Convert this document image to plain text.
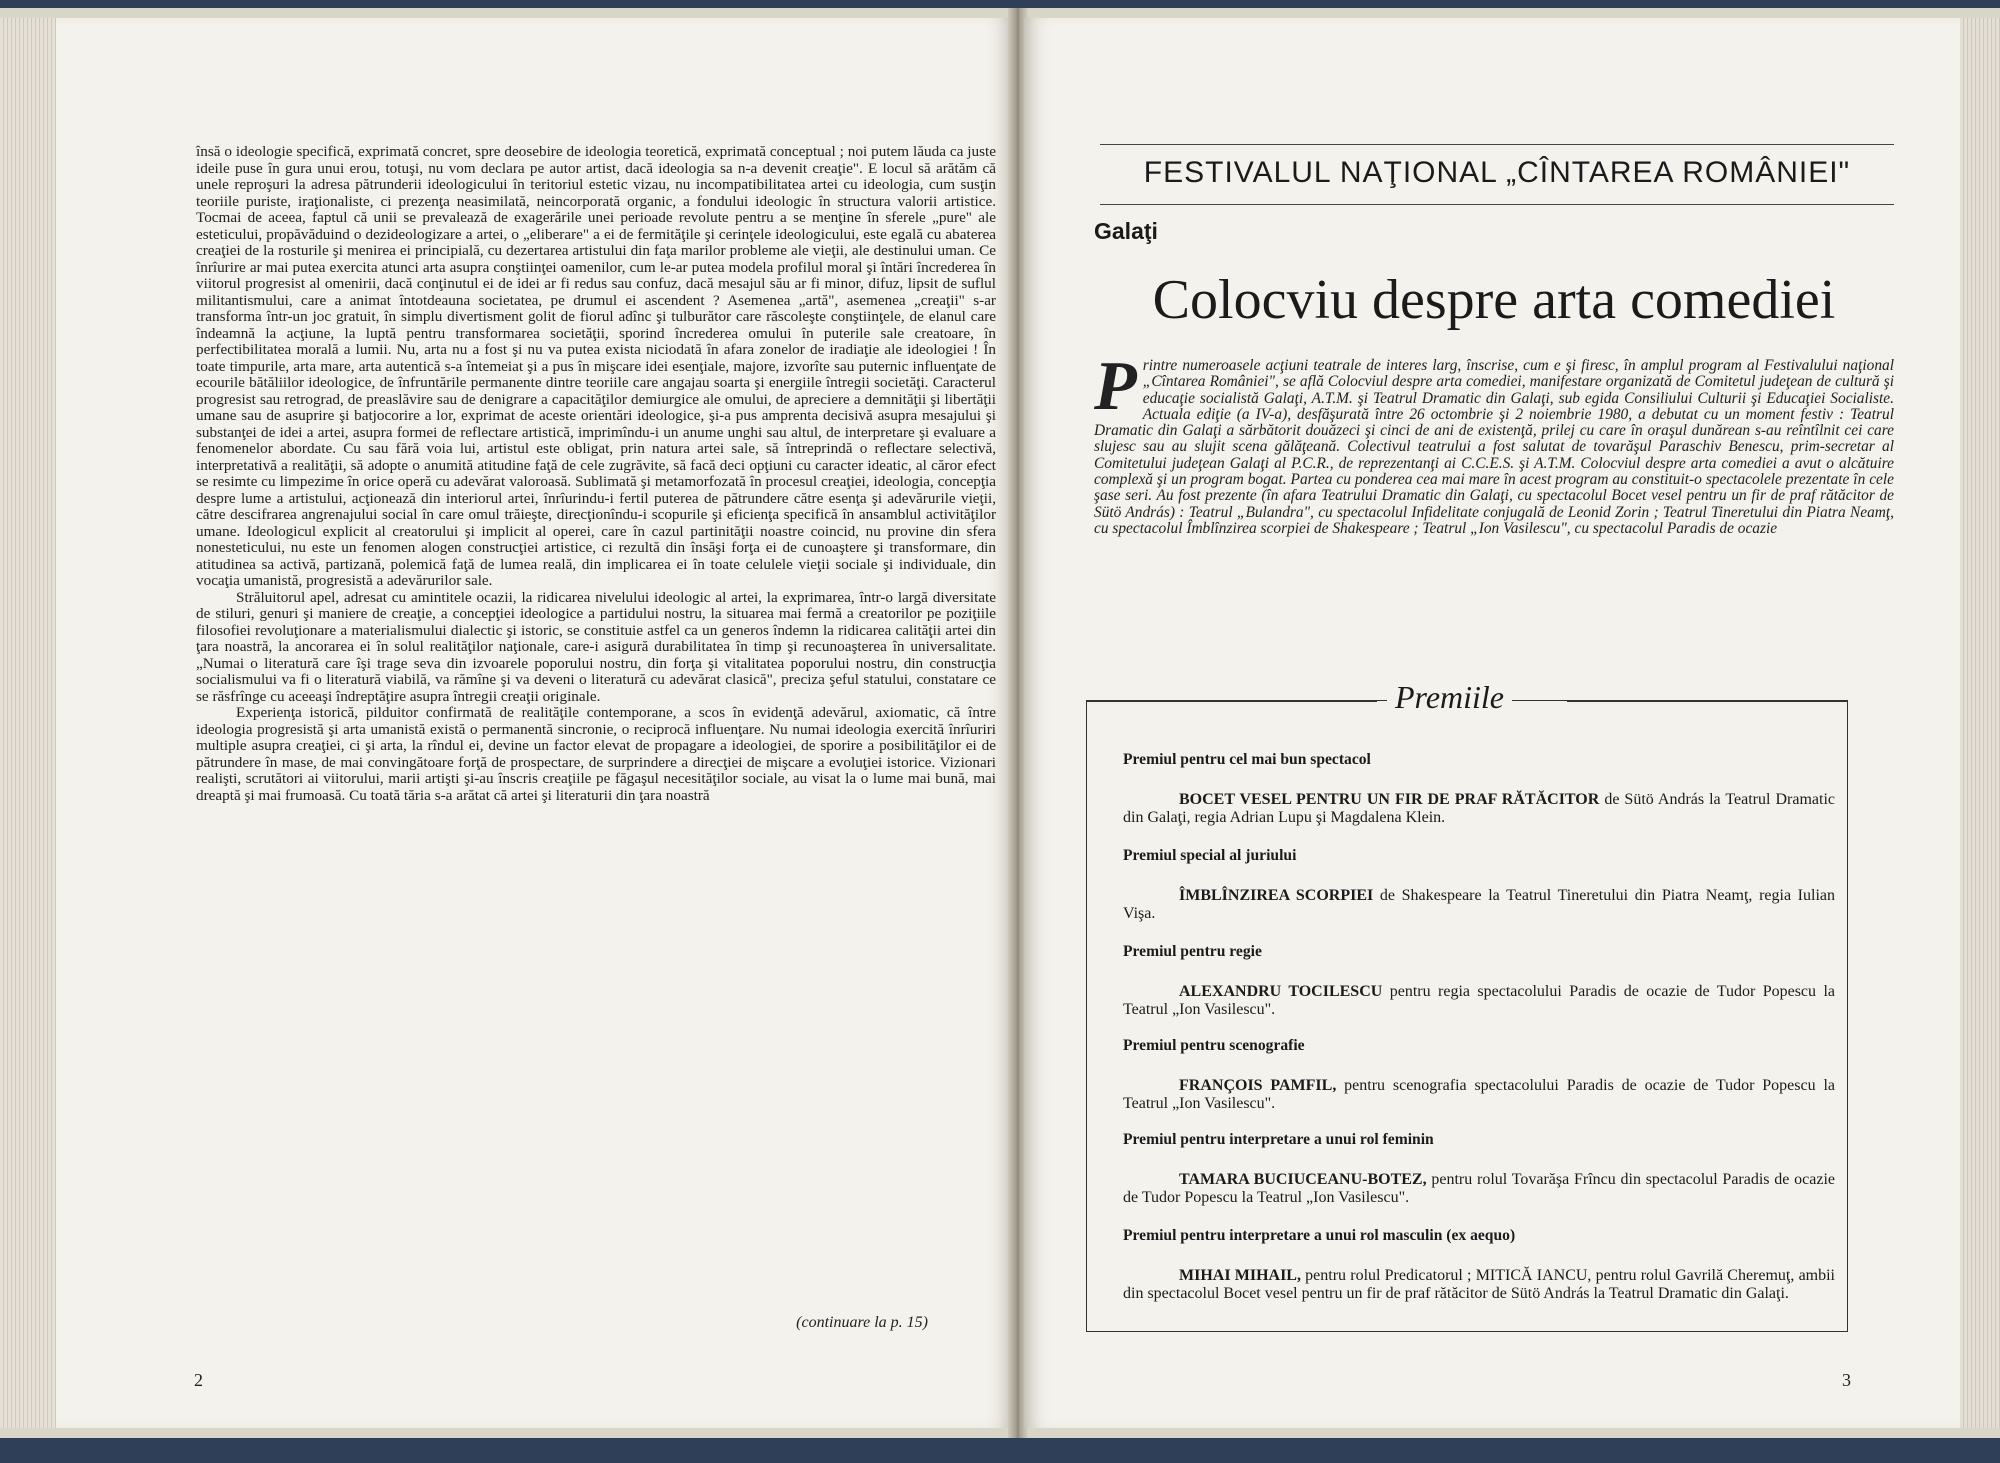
însă o ideologie specifică, exprimată concret, spre deosebire de ideologia teoretică, exprimată conceptual ; noi putem lăuda ca juste ideile puse în gura unui erou, totuşi, nu vom declara pe autor artist, dacă ideologia sa n-a devenit creaţie". E locul să arătăm că unele reproşuri la adresa pătrunderii ideologicului în teritoriul estetic vizau, nu incompatibilitatea artei cu ideologia, cum susţin teoriile puriste, iraţionaliste, ci prezenţa neasimilată, neincorporată organic, a fondului ideologic în structura valorii artistice. Tocmai de aceea, faptul că unii se prevalează de exagerările unei perioade revolute pentru a se menţine în sferele „pure" ale esteticului, propăvăduind o dezideologizare a artei, o „eliberare" a ei de fermităţile şi cerinţele ideologicului, este egală cu abaterea creaţiei de la rosturile şi menirea ei principială, cu dezertarea artistului din faţa marilor probleme ale vieţii, ale destinului uman. Ce înrîurire ar mai putea exercita atunci arta asupra conştiinţei oamenilor, cum le-ar putea modela profilul moral şi întări încrederea în viitorul progresist al omenirii, dacă conţinutul ei de idei ar fi redus sau confuz, dacă mesajul său ar fi minor, difuz, lipsit de suflul militantismului, care a animat întotdeauna societatea, pe drumul ei ascendent ? Asemenea „artă", asemenea „creaţii" s-ar transforma într-un joc gratuit, în simplu divertisment golit de fiorul adînc şi tulburător care răscoleşte conştiinţele, de elanul care îndeamnă la acţiune, la luptă pentru transformarea societăţii, sporind încrederea omului în puterile sale creatoare, în perfectibilitatea morală a lumii. Nu, arta nu a fost şi nu va putea exista niciodată în afara zonelor de iradiaţie ale ideologiei ! În toate timpurile, arta mare, arta autentică s-a întemeiat şi a pus în mişcare idei esenţiale, majore, izvorîte sau puternic influenţate de ecourile bătăliilor ideologice, de înfruntările permanente dintre teoriile care angajau soarta şi energiile întregii societăţi. Caracterul progresist sau retrograd, de preaslăvire sau de denigrare a capacităţilor demiurgice ale omului, de apreciere a demnităţii şi libertăţii umane sau de asuprire şi batjocorire a lor, exprimat de aceste orientări ideologice, şi-a pus amprenta decisivă asupra mesajului şi substanţei de idei a artei, asupra formei de reflectare artistică, imprimîndu-i un anume unghi sau altul, de interpretare şi evaluare a fenomenelor abordate. Cu sau fără voia lui, artistul este obligat, prin natura artei sale, să întreprindă o reflectare selectivă, interpretativă a realităţii, să adopte o anumită atitudine faţă de cele zugrăvite, să facă deci opţiuni cu caracter ideatic, al căror efect se resimte cu limpezime în orice operă cu adevărat valoroasă. Sublimată şi metamorfozată în procesul creaţiei, ideologia, concepţia despre lume a artistului, acţionează din interiorul artei, înrîurindu-i fertil puterea de pătrundere către esenţa şi adevărurile vieţii, către descifrarea angrenajului social în care omul trăieşte, direcţionîndu-i scopurile şi eficienţa specifică în ansamblul activităţilor umane. Ideologicul explicit al creatorului şi implicit al operei, care în cazul partinităţii noastre coincid, nu provine din sfera nonesteticului, nu este un fenomen alogen construcţiei artistice, ci rezultă din însăşi forţa ei de cunoaştere şi transformare, din atitudinea sa activă, partizană, polemică faţă de lumea reală, din implicarea ei în toate celulele vieţii sociale şi individuale, din vocaţia umanistă, progresistă a adevărurilor sale.

Străluitorul apel, adresat cu amintitele ocazii, la ridicarea nivelului ideologic al artei, la exprimarea, într-o largă diversitate de stiluri, genuri şi maniere de creaţie, a concepţiei ideologice a partidului nostru, la situarea mai fermă a creatorilor pe poziţiile filosofiei revoluţionare a materialismului dialectic şi istoric, se constituie astfel ca un generos îndemn la ridicarea calităţii artei din ţara noastră, la ancorarea ei în solul realităţilor naţionale, care-i asigură durabilitatea în timp şi recunoaşterea în universalitate. „Numai o literatură care îşi trage seva din izvoarele poporului nostru, din forţa şi vitalitatea poporului nostru, din construcţia socialismului va fi o literatură viabilă, va rămîne şi va deveni o literatură cu adevărat clasică", preciza şeful statului, constatare ce se răsfrînge cu aceeaşi îndreptăţire asupra întregii creaţii originale.

Experienţa istorică, pilduitor confirmată de realităţile contemporane, a scos în evidenţă adevărul, axiomatic, că între ideologia progresistă şi arta umanistă există o permanentă sincronie, o reciprocă influenţare. Nu numai ideologia exercită înrîuriri multiple asupra creaţiei, ci şi arta, la rîndul ei, devine un factor elevat de propagare a ideologiei, de sporire a posibilităţilor ei de pătrundere în mase, de mai convingătoare forţă de prospectare, de surprindere a direcţiei de mişcare a evoluţiei istorice. Vizionari realişti, scrutători ai viitorului, marii artişti şi-au înscris creaţiile pe făgaşul necesităţilor sociale, au visat la o lume mai bună, mai dreaptă şi mai frumoasă. Cu toată tăria s-a arătat că artei şi literaturii din ţara noastră

(continuare la p. 15)
2
FESTIVALUL NAŢIONAL „CÎNTAREA ROMÂNIEI"
Galaţi
Colocviu despre arta comediei
Printre numeroasele acţiuni teatrale de interes larg, înscrise, cum e şi firesc, în amplul program al Festivalului naţional „Cîntarea României", se află Colocviul despre arta comediei, manifestare organizată de Comitetul judeţean de cultură şi educaţie socialistă Galaţi, A.T.M. şi Teatrul Dramatic din Galaţi, sub egida Consiliului Culturii şi Educaţiei Socialiste. Actuala ediţie (a IV-a), desfăşurată între 26 octombrie şi 2 noiembrie 1980, a debutat cu un moment festiv : Teatrul Dramatic din Galaţi a sărbătorit douăzeci şi cinci de ani de existenţă, prilej cu care în oraşul dunărean s-au reîntîlnit cei care slujesc sau au slujit scena gălăţeană. Colectivul teatrului a fost salutat de tovarăşul Paraschiv Benescu, prim-secretar al Comitetului judeţean Galaţi al P.C.R., de reprezentanţi ai C.C.E.S. şi A.T.M. Colocviul despre arta comediei a avut o alcătuire complexă şi un program bogat. Partea cu ponderea cea mai mare în acest program au constituit-o spectacolele prezentate în cele şase seri. Au fost prezente (în afara Teatrului Dramatic din Galaţi, cu spectacolul Bocet vesel pentru un fir de praf rătăcitor de Sütö András) : Teatrul „Bulandra", cu spectacolul Infidelitate conjugală de Leonid Zorin ; Teatrul Tineretului din Piatra Neamţ, cu spectacolul Îmblînzirea scorpiei de Shakespeare ; Teatrul „Ion Vasilescu", cu spectacolul Paradis de ocazie
Premiile
Premiul pentru cel mai bun spectacol

BOCET VESEL PENTRU UN FIR DE PRAF RĂTĂCITOR de Sütö András la Teatrul Dramatic din Galaţi, regia Adrian Lupu şi Magdalena Klein.

Premiul special al juriului

ÎMBLÎNZIREA SCORPIEI de Shakespeare la Teatrul Tineretului din Piatra Neamţ, regia Iulian Vişa.

Premiul pentru regie

ALEXANDRU TOCILESCU pentru regia spectacolului Paradis de ocazie de Tudor Popescu la Teatrul „Ion Vasilescu".

Premiul pentru scenografie

FRANÇOIS PAMFIL, pentru scenografia spectacolului Paradis de ocazie de Tudor Popescu la Teatrul „Ion Vasilescu".

Premiul pentru interpretare a unui rol feminin

TAMARA BUCIUCEANU-BOTEZ, pentru rolul Tovarăşa Frîncu din spectacolul Paradis de ocazie de Tudor Popescu la Teatrul „Ion Vasilescu".

Premiul pentru interpretare a unui rol masculin (ex aequo)

MIHAI MIHAIL, pentru rolul Predicatorul ; MITICĂ IANCU, pentru rolul Gavrilă Cheremuţ, ambii din spectacolul Bocet vesel pentru un fir de praf rătăcitor de Sütö András la Teatrul Dramatic din Galaţi.

3
